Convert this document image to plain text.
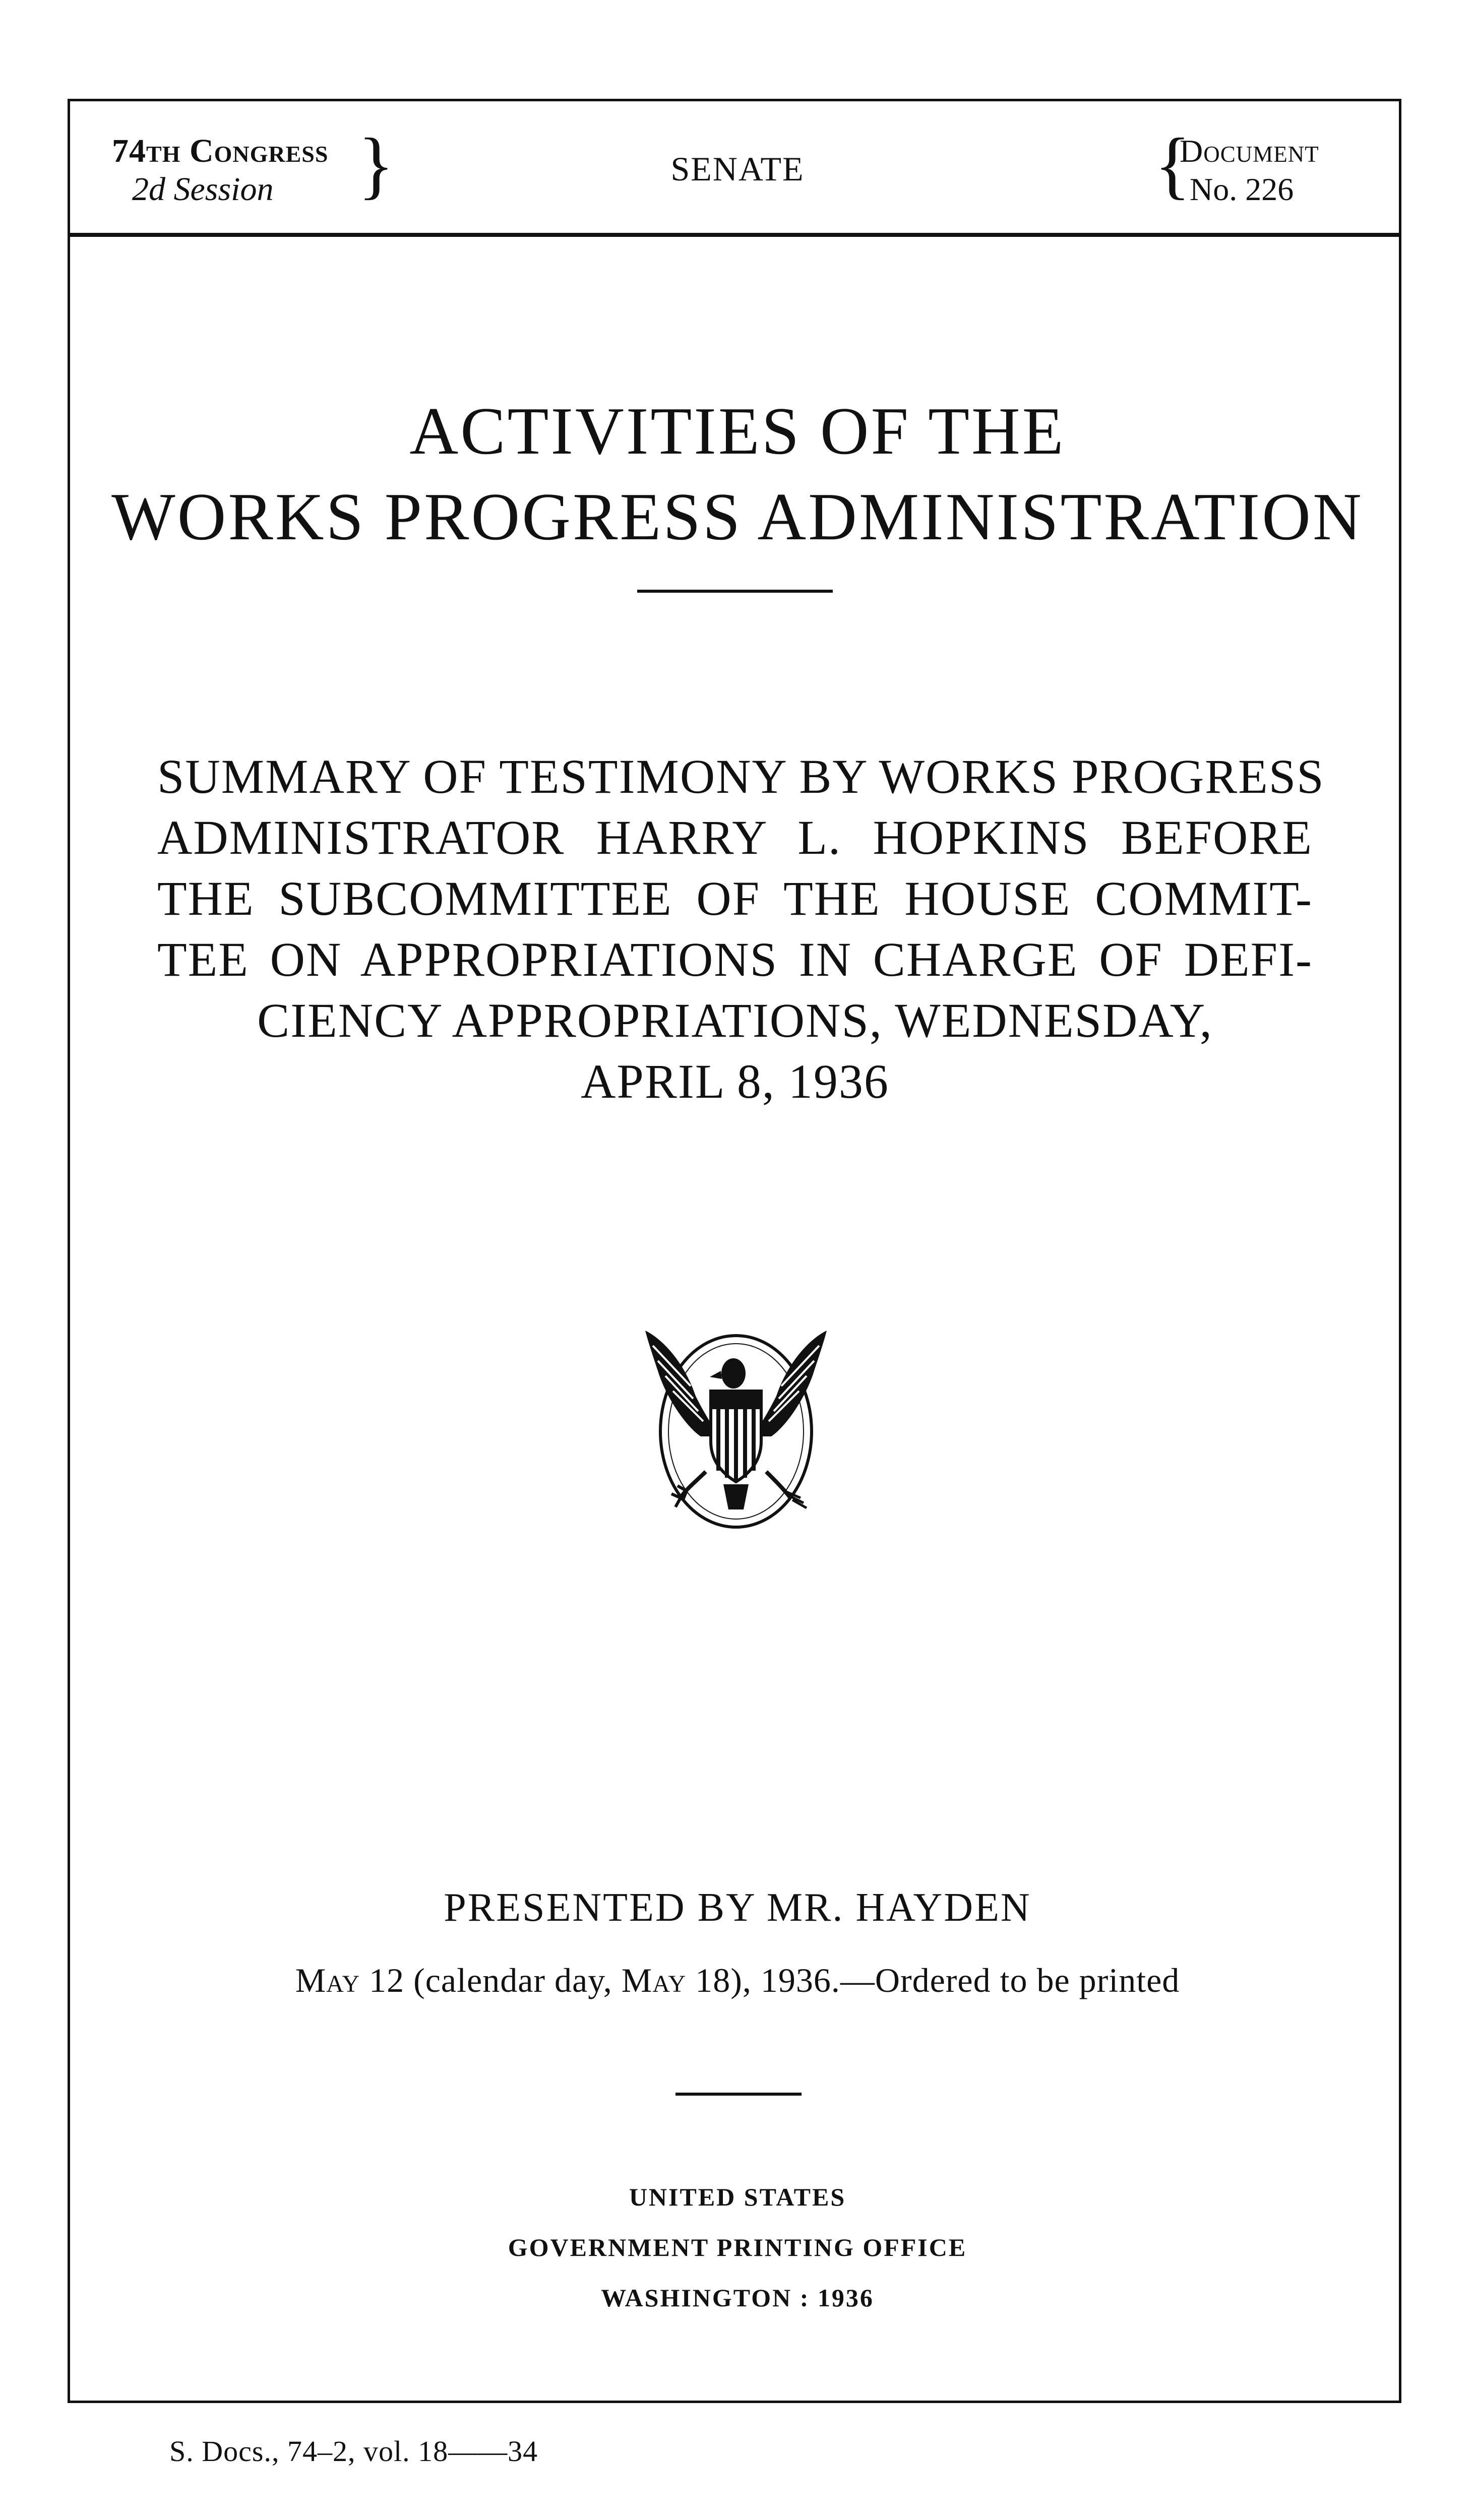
74th Congress
2d Session	}	SENATE	{
Document
No. 226
ACTIVITIES OF THE
WORKS PROGRESS ADMINISTRATION
SUMMARY OF TESTIMONY BY WORKS PROGRESS
ADMINISTRATOR HARRY L. HOPKINS BEFORE
THE SUBCOMMITTEE OF THE HOUSE COMMIT-
TEE ON APPROPRIATIONS IN CHARGE OF DEFI-
CIENCY APPROPRIATIONS, WEDNESDAY,
APRIL 8, 1936
PRESENTED BY MR. HAYDEN
May 12 (calendar day, May 18), 1936.—Ordered to be printed
UNITED STATES
GOVERNMENT PRINTING OFFICE
WASHINGTON : 1936
S. Docs., 74–2, vol. 18——34
